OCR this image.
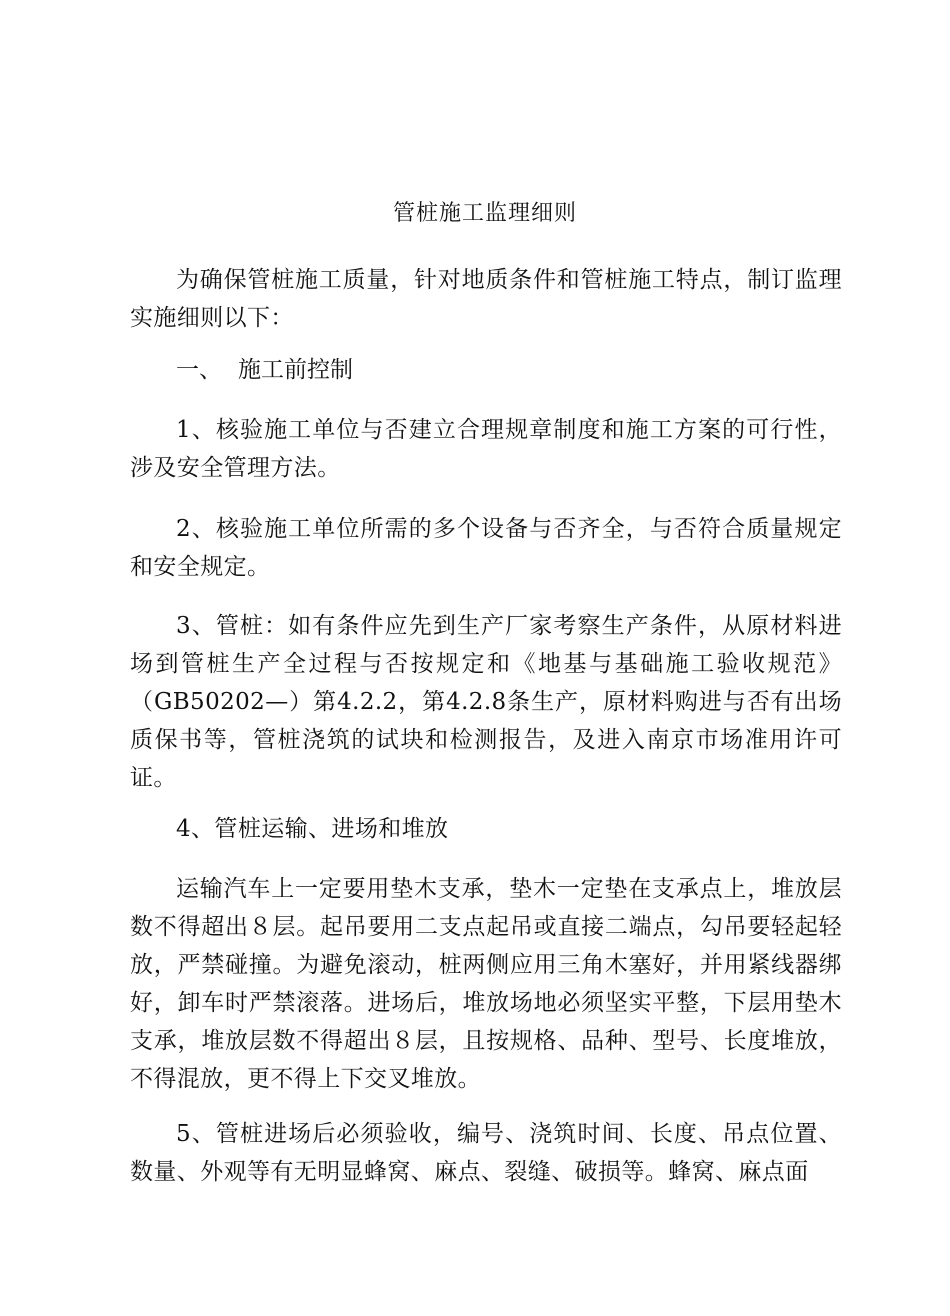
管桩施工监理细则

为确保管桩施工质量，针对地质条件和管桩施工特点，制订监理实施细则以下：

一、 施工前控制

1、核验施工单位与否建立合理规章制度和施工方案的可行性，涉及安全管理方法。

2、核验施工单位所需的多个设备与否齐全，与否符合质量规定和安全规定。

3、管桩：如有条件应先到生产厂家考察生产条件，从原材料进场到管桩生产全过程与否按规定和《地基与基础施工验收规范》（GB50202—）第4.2.2，第4.2.8条生产，原材料购进与否有出场质保书等，管桩浇筑的试块和检测报告，及进入南京市场准用许可证。

4、管桩运输、进场和堆放

运输汽车上一定要用垫木支承，垫木一定垫在支承点上，堆放层数不得超出８层。起吊要用二支点起吊或直接二端点，勾吊要轻起轻放，严禁碰撞。为避免滚动，桩两侧应用三角木塞好，并用紧线器绑好，卸车时严禁滚落。进场后，堆放场地必须坚实平整，下层用垫木支承，堆放层数不得超出８层，且按规格、品种、型号、长度堆放，不得混放，更不得上下交叉堆放。

5、管桩进场后必须验收，编号、浇筑时间、长度、吊点位置、数量、外观等有无明显蜂窝、麻点、裂缝、破损等。蜂窝、麻点面
